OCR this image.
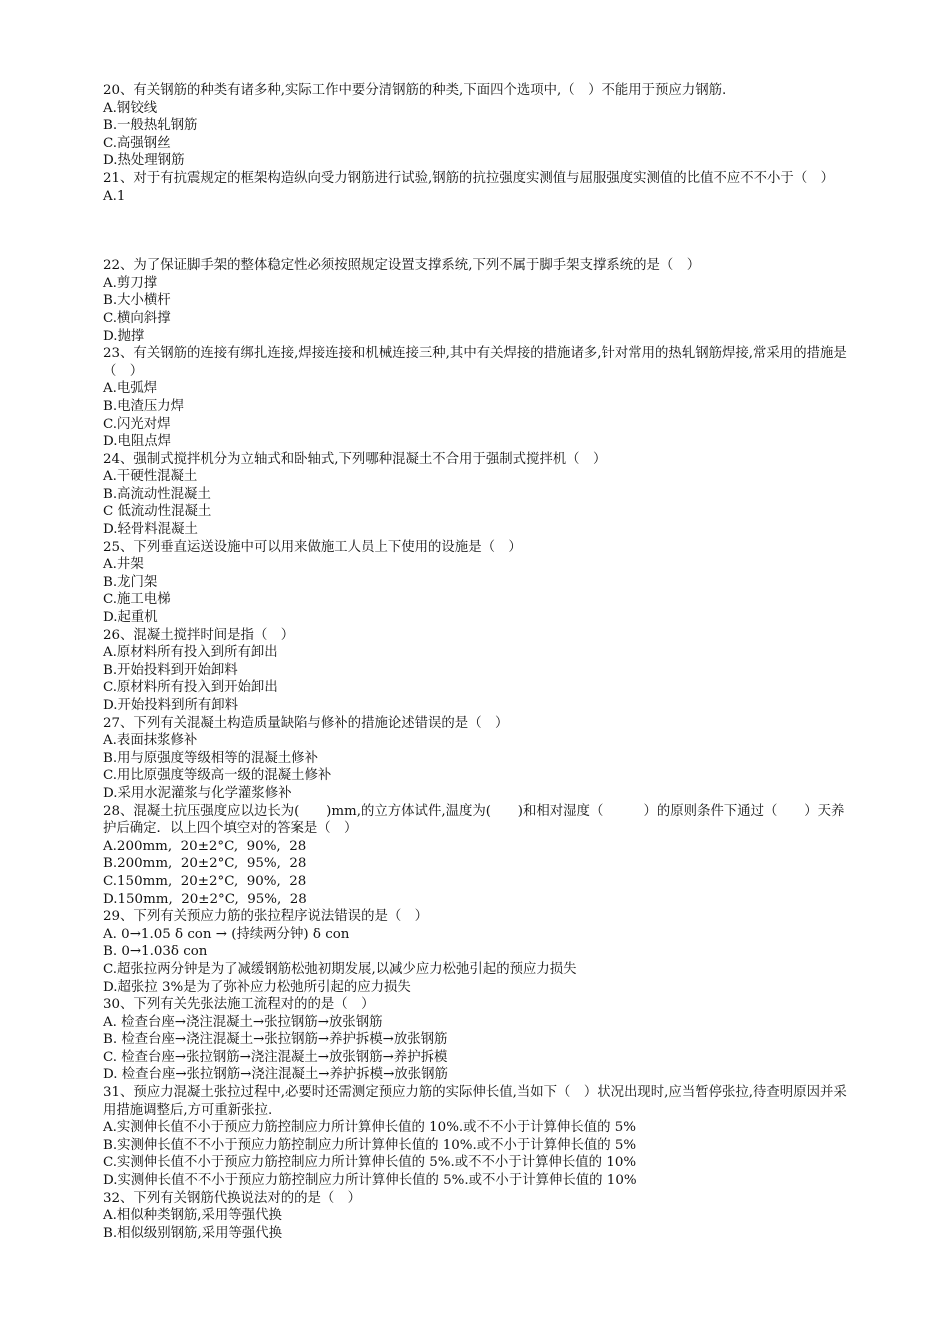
20、有关钢筋的种类有诸多种,实际工作中要分清钢筋的种类,下面四个选项中,（　）不能用于预应力钢筋.
A.钢铰线
B.一般热轧钢筋
C.高强钢丝
D.热处理钢筋
21、对于有抗震规定的框架构造纵向受力钢筋进行试验,钢筋的抗拉强度实测值与屈服强度实测值的比值不应不不小于（　）
A.1
22、为了保证脚手架的整体稳定性必须按照规定设置支撑系统,下列不属于脚手架支撑系统的是（　）
A.剪刀撑
B.大小横杆
C.横向斜撑
D.抛撑
23、有关钢筋的连接有绑扎连接,焊接连接和机械连接三种,其中有关焊接的措施诸多,针对常用的热轧钢筋焊接,常采用的措施是（　）
A.电弧焊
B.电渣压力焊
C.闪光对焊
D.电阻点焊
24、强制式搅拌机分为立轴式和卧轴式,下列哪种混凝土不合用于强制式搅拌机（　）
A.干硬性混凝土
B.高流动性混凝土
C 低流动性混凝土
D.轻骨料混凝土
25、下列垂直运送设施中可以用来做施工人员上下使用的设施是（　）
A.井架
B.龙门架
C.施工电梯
D.起重机
26、混凝土搅拌时间是指（　）
A.原材料所有投入到所有卸出
B.开始投料到开始卸料
C.原材料所有投入到开始卸出
D.开始投料到所有卸料
27、下列有关混凝土构造质量缺陷与修补的措施论述错误的是（　）
A.表面抹浆修补
B.用与原强度等级相等的混凝土修补
C.用比原强度等级高一级的混凝土修补
D.采用水泥灌浆与化学灌浆修补
28、混凝土抗压强度应以边长为(　　)mm,的立方体试件,温度为(　　)和相对湿度（　　　）的原则条件下通过（　　）天养护后确定．以上四个填空对的答案是（　）
A.200mm,  20±2°C,  90%,  28
B.200mm,  20±2°C,  95%,  28
C.150mm,  20±2°C,  90%,  28
D.150mm,  20±2°C,  95%,  28
29、下列有关预应力筋的张拉程序说法错误的是（　）
A. 0→1.05 δ con → (持续两分钟) δ con
B. 0→1.03δ con
C.超张拉两分钟是为了减缓钢筋松弛初期发展,以减少应力松弛引起的预应力损失
D.超张拉 3%是为了弥补应力松弛所引起的应力损失
30、下列有关先张法施工流程对的的是（　）
A. 检查台座→浇注混凝土→张拉钢筋→放张钢筋
B. 检查台座→浇注混凝土→张拉钢筋→养护拆模→放张钢筋
C. 检查台座→张拉钢筋→浇注混凝土→放张钢筋→养护拆模
D. 检查台座→张拉钢筋→浇注混凝土→养护拆模→放张钢筋
31、预应力混凝土张拉过程中,必要时还需测定预应力筋的实际伸长值,当如下（　）状况出现时,应当暂停张拉,待查明原因并采用措施调整后,方可重新张拉.
A.实测伸长值不小于预应力筋控制应力所计算伸长值的 10%.或不不小于计算伸长值的 5%
B.实测伸长值不不小于预应力筋控制应力所计算伸长值的 10%.或不小于计算伸长值的 5%
C.实测伸长值不小于预应力筋控制应力所计算伸长值的 5%.或不不小于计算伸长值的 10%
D.实测伸长值不不小于预应力筋控制应力所计算伸长值的 5%.或不小于计算伸长值的 10%
32、下列有关钢筋代换说法对的的是（　）
A.相似种类钢筋,采用等强代换
B.相似级别钢筋,采用等强代换
